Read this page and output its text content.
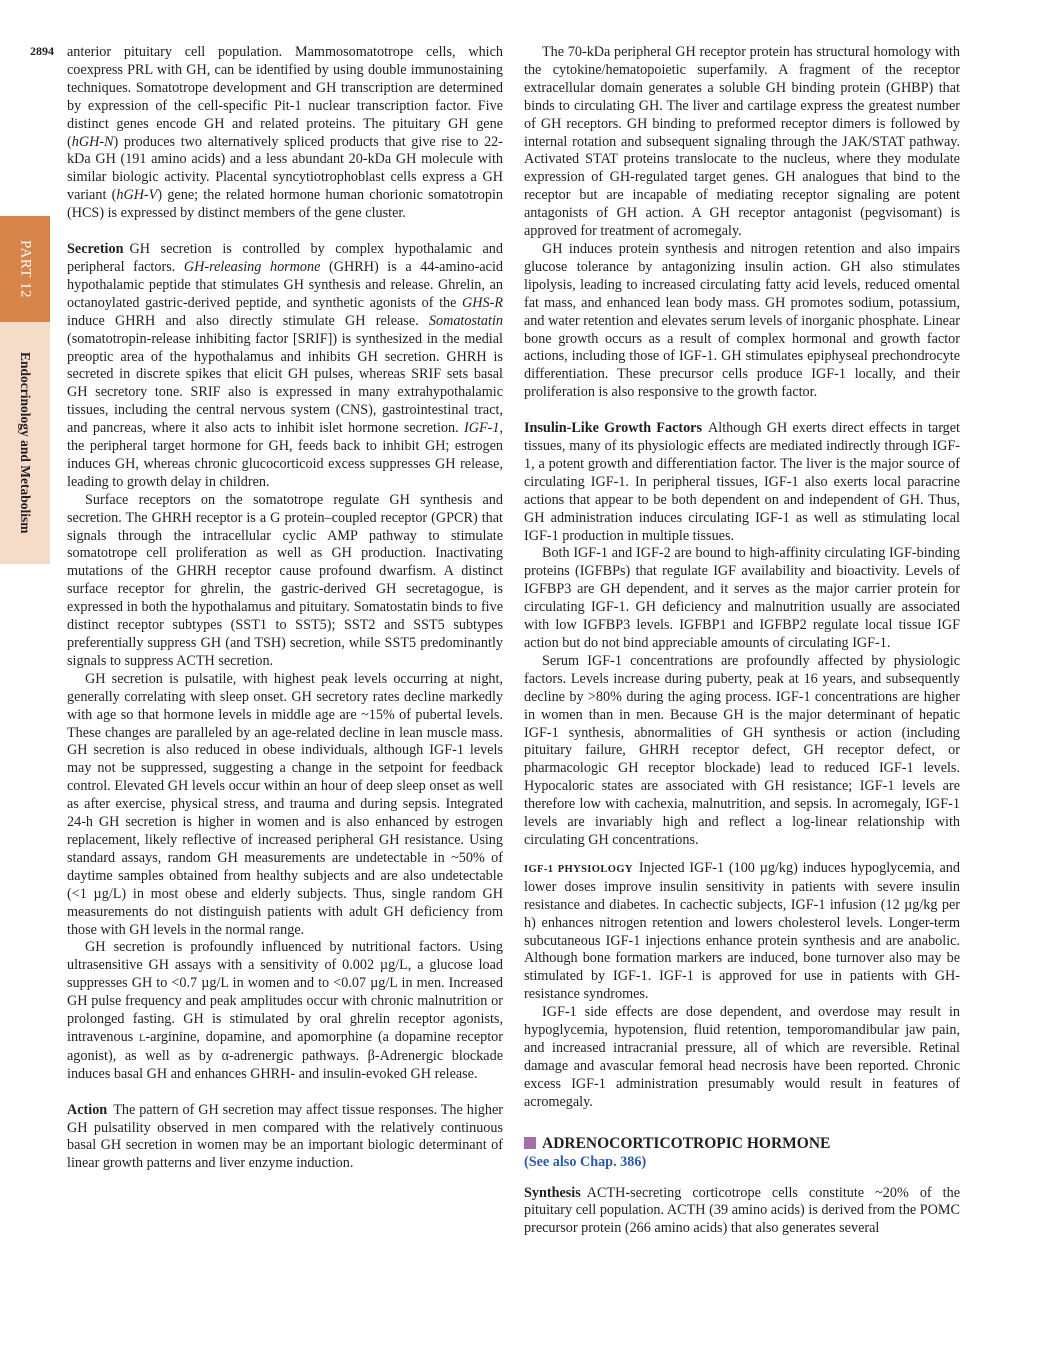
2894
PART 12
Endocrinology and Metabolism

anterior pituitary cell population. Mammosomatotrope cells, which coexpress PRL with GH, can be identified by using double immunostaining techniques. Somatotrope development and GH transcription are determined by expression of the cell-specific Pit-1 nuclear transcription factor. Five distinct genes encode GH and related proteins. The pituitary GH gene (hGH-N) produces two alternatively spliced products that give rise to 22-kDa GH (191 amino acids) and a less abundant 20-kDa GH molecule with similar biologic activity. Placental syncytiotrophoblast cells express a GH variant (hGH-V) gene; the related hormone human chorionic somatotropin (HCS) is expressed by distinct members of the gene cluster.

Secretion GH secretion is controlled by complex hypothalamic and peripheral factors. GH-releasing hormone (GHRH) is a 44-amino-acid hypothalamic peptide that stimulates GH synthesis and release. Ghrelin, an octanoylated gastric-derived peptide, and synthetic agonists of the GHS-R induce GHRH and also directly stimulate GH release. Somatostatin (somatotropin-release inhibiting factor [SRIF]) is synthesized in the medial preoptic area of the hypothalamus and inhibits GH secretion. GHRH is secreted in discrete spikes that elicit GH pulses, whereas SRIF sets basal GH secretory tone. SRIF also is expressed in many extrahypothalamic tissues, including the central nervous system (CNS), gastrointestinal tract, and pancreas, where it also acts to inhibit islet hormone secretion. IGF-1, the peripheral target hormone for GH, feeds back to inhibit GH; estrogen induces GH, whereas chronic glucocorticoid excess suppresses GH release, leading to growth delay in children.

Surface receptors on the somatotrope regulate GH synthesis and secretion. The GHRH receptor is a G protein–coupled receptor (GPCR) that signals through the intracellular cyclic AMP pathway to stimulate somatotrope cell proliferation as well as GH production. Inactivating mutations of the GHRH receptor cause profound dwarfism. A distinct surface receptor for ghrelin, the gastric-derived GH secretagogue, is expressed in both the hypothalamus and pituitary. Somatostatin binds to five distinct receptor subtypes (SST1 to SST5); SST2 and SST5 subtypes preferentially suppress GH (and TSH) secretion, while SST5 predominantly signals to suppress ACTH secretion.

GH secretion is pulsatile, with highest peak levels occurring at night, generally correlating with sleep onset. GH secretory rates decline markedly with age so that hormone levels in middle age are ~15% of pubertal levels. These changes are paralleled by an age-related decline in lean muscle mass. GH secretion is also reduced in obese individuals, although IGF-1 levels may not be suppressed, suggesting a change in the setpoint for feedback control. Elevated GH levels occur within an hour of deep sleep onset as well as after exercise, physical stress, and trauma and during sepsis. Integrated 24-h GH secretion is higher in women and is also enhanced by estrogen replacement, likely reflective of increased peripheral GH resistance. Using standard assays, random GH measurements are undetectable in ~50% of daytime samples obtained from healthy subjects and are also undetectable (<1 µg/L) in most obese and elderly subjects. Thus, single random GH measurements do not distinguish patients with adult GH deficiency from those with GH levels in the normal range.

GH secretion is profoundly influenced by nutritional factors. Using ultrasensitive GH assays with a sensitivity of 0.002 µg/L, a glucose load suppresses GH to <0.7 µg/L in women and to <0.07 µg/L in men. Increased GH pulse frequency and peak amplitudes occur with chronic malnutrition or prolonged fasting. GH is stimulated by oral ghrelin receptor agonists, intravenous L-arginine, dopamine, and apomorphine (a dopamine receptor agonist), as well as by α-adrenergic pathways. β-Adrenergic blockade induces basal GH and enhances GHRH- and insulin-evoked GH release.

Action The pattern of GH secretion may affect tissue responses. The higher GH pulsatility observed in men compared with the relatively continuous basal GH secretion in women may be an important biologic determinant of linear growth patterns and liver enzyme induction.

The 70-kDa peripheral GH receptor protein has structural homology with the cytokine/hematopoietic superfamily. A fragment of the receptor extracellular domain generates a soluble GH binding protein (GHBP) that binds to circulating GH. The liver and cartilage express the greatest number of GH receptors. GH binding to preformed receptor dimers is followed by internal rotation and subsequent signaling through the JAK/STAT pathway. Activated STAT proteins translocate to the nucleus, where they modulate expression of GH-regulated target genes. GH analogues that bind to the receptor but are incapable of mediating receptor signaling are potent antagonists of GH action. A GH receptor antagonist (pegvisomant) is approved for treatment of acromegaly.

GH induces protein synthesis and nitrogen retention and also impairs glucose tolerance by antagonizing insulin action. GH also stimulates lipolysis, leading to increased circulating fatty acid levels, reduced omental fat mass, and enhanced lean body mass. GH promotes sodium, potassium, and water retention and elevates serum levels of inorganic phosphate. Linear bone growth occurs as a result of complex hormonal and growth factor actions, including those of IGF-1. GH stimulates epiphyseal prechondrocyte differentiation. These precursor cells produce IGF-1 locally, and their proliferation is also responsive to the growth factor.

Insulin-Like Growth Factors Although GH exerts direct effects in target tissues, many of its physiologic effects are mediated indirectly through IGF-1, a potent growth and differentiation factor. The liver is the major source of circulating IGF-1. In peripheral tissues, IGF-1 also exerts local paracrine actions that appear to be both dependent on and independent of GH. Thus, GH administration induces circulating IGF-1 as well as stimulating local IGF-1 production in multiple tissues.

Both IGF-1 and IGF-2 are bound to high-affinity circulating IGF-binding proteins (IGFBPs) that regulate IGF availability and bioactivity. Levels of IGFBP3 are GH dependent, and it serves as the major carrier protein for circulating IGF-1. GH deficiency and malnutrition usually are associated with low IGFBP3 levels. IGFBP1 and IGFBP2 regulate local tissue IGF action but do not bind appreciable amounts of circulating IGF-1.

Serum IGF-1 concentrations are profoundly affected by physiologic factors. Levels increase during puberty, peak at 16 years, and subsequently decline by >80% during the aging process. IGF-1 concentrations are higher in women than in men. Because GH is the major determinant of hepatic IGF-1 synthesis, abnormalities of GH synthesis or action (including pituitary failure, GHRH receptor defect, GH receptor defect, or pharmacologic GH receptor blockade) lead to reduced IGF-1 levels. Hypocaloric states are associated with GH resistance; IGF-1 levels are therefore low with cachexia, malnutrition, and sepsis. In acromegaly, IGF-1 levels are invariably high and reflect a log-linear relationship with circulating GH concentrations.

IGF-1 PHYSIOLOGY Injected IGF-1 (100 µg/kg) induces hypoglycemia, and lower doses improve insulin sensitivity in patients with severe insulin resistance and diabetes. In cachectic subjects, IGF-1 infusion (12 µg/kg per h) enhances nitrogen retention and lowers cholesterol levels. Longer-term subcutaneous IGF-1 injections enhance protein synthesis and are anabolic. Although bone formation markers are induced, bone turnover also may be stimulated by IGF-1. IGF-1 is approved for use in patients with GH-resistance syndromes.

IGF-1 side effects are dose dependent, and overdose may result in hypoglycemia, hypotension, fluid retention, temporomandibular jaw pain, and increased intracranial pressure, all of which are reversible. Retinal damage and avascular femoral head necrosis have been reported. Chronic excess IGF-1 administration presumably would result in features of acromegaly.

ADRENOCORTICOTROPIC HORMONE
(See also Chap. 386)

Synthesis ACTH-secreting corticotrope cells constitute ~20% of the pituitary cell population. ACTH (39 amino acids) is derived from the POMC precursor protein (266 amino acids) that also generates several
